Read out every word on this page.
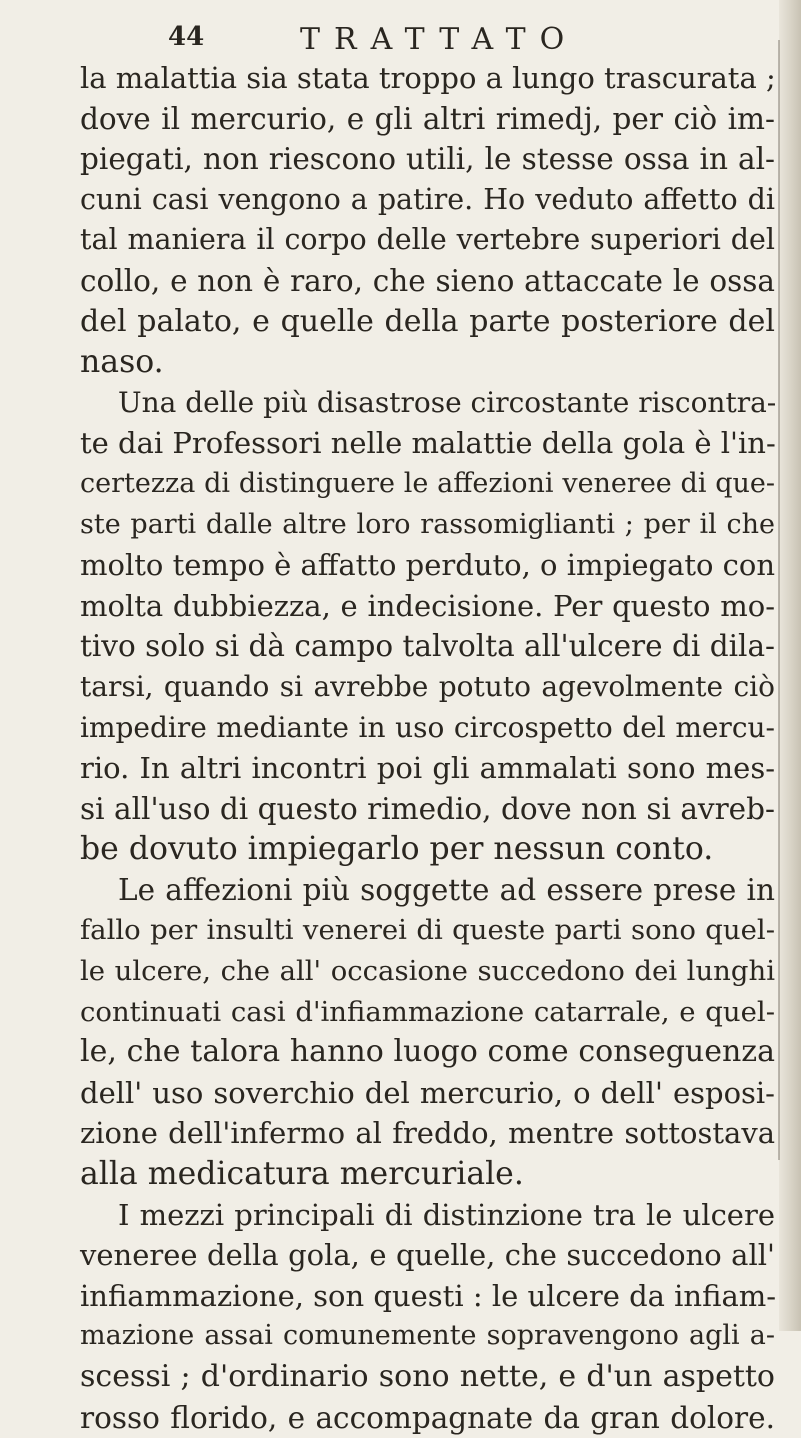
44	TRATTATO
la malattia sia stata troppo a lungo trascurata ;
dove il mercurio, e gli altri rimedj, per ciò im-
piegati, non riescono utili, le stesse ossa in al-
cuni casi vengono a patire. Ho veduto affetto di
tal maniera il corpo delle vertebre superiori del
collo, e non è raro, che sieno attaccate le ossa
del palato, e quelle della parte posteriore del
naso.
Una delle più disastrose circostante riscontra-
te dai Professori nelle malattie della gola è l'in-
certezza di distinguere le affezioni veneree di que-
ste parti dalle altre loro rassomiglianti ; per il che
molto tempo è affatto perduto, o impiegato con
molta dubbiezza, e indecisione. Per questo mo-
tivo solo si dà campo talvolta all'ulcere di dila-
tarsi, quando si avrebbe potuto agevolmente ciò
impedire mediante in uso circospetto del mercu-
rio. In altri incontri poi gli ammalati sono mes-
si all'uso di questo rimedio, dove non si avreb-
be dovuto impiegarlo per nessun conto.
Le affezioni più soggette ad essere prese in
fallo per insulti venerei di queste parti sono quel-
le ulcere, che all' occasione succedono dei lunghi
continuati casi d'infiammazione catarrale, e quel-
le, che talora hanno luogo come conseguenza
dell' uso soverchio del mercurio, o dell' esposi-
zione dell'infermo al freddo, mentre sottostava
alla medicatura mercuriale.
I mezzi principali di distinzione tra le ulcere
veneree della gola, e quelle, che succedono all'
infiammazione, son questi : le ulcere da infiam-
mazione assai comunemente sopravengono agli a-
scessi ; d'ordinario sono nette, e d'un aspetto
rosso florido, e accompagnate da gran dolore.
